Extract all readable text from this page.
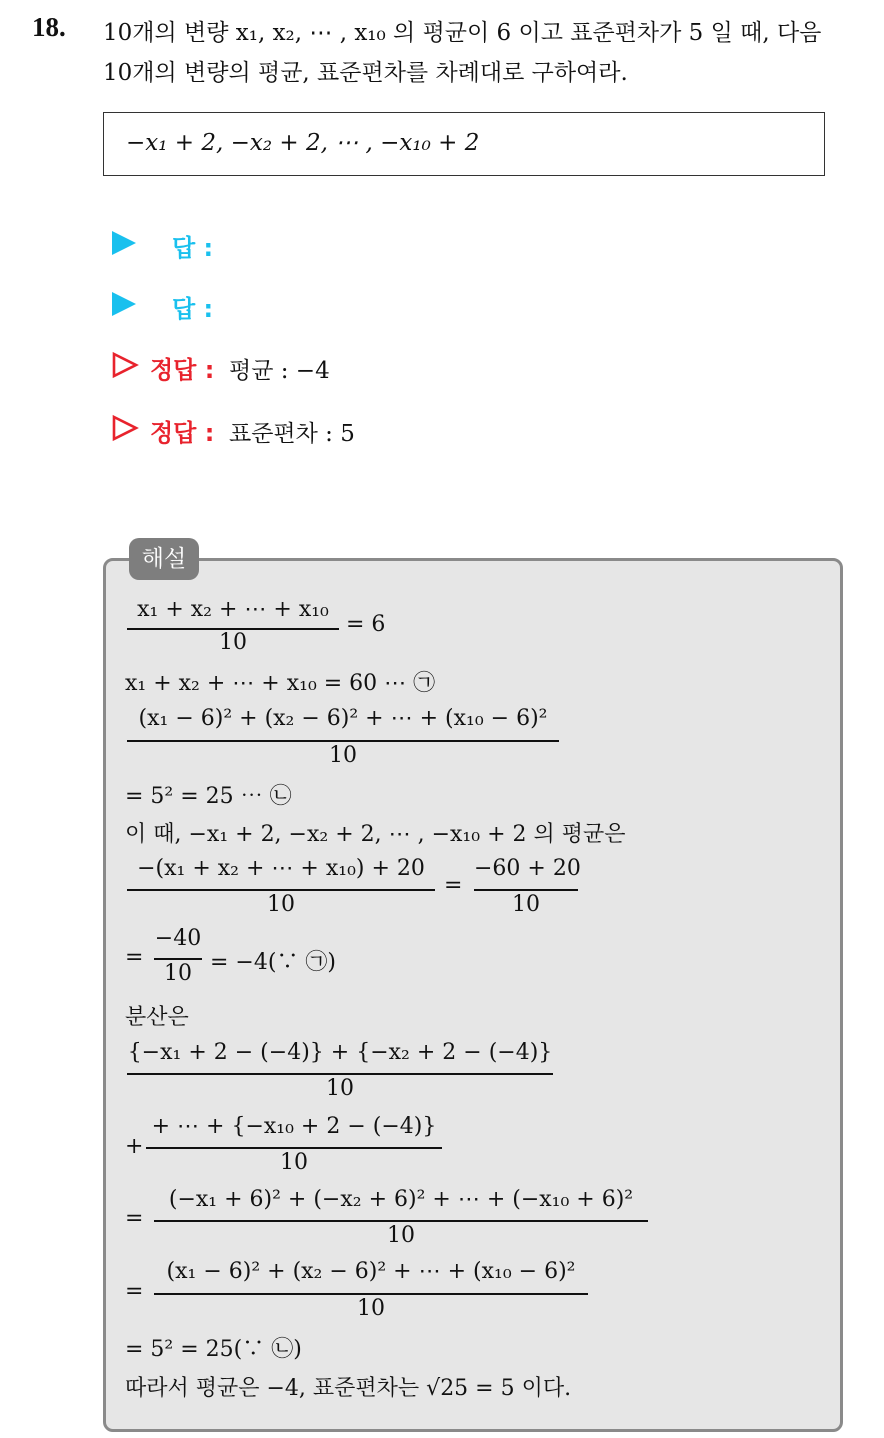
18. 10개의 변량 x₁, x₂, ⋯ , x₁₀ 의 평균이 6 이고 표준편차가 5 일 때, 다음
10개의 변량의 평균, 표준편차를 차례대로 구하여라.
−x₁ + 2, −x₂ + 2, ⋯ , −x₁₀ + 2
답 :
답 :
정답 : 평균 : −4
정답 : 표준편차 : 5
해설
x₁ + x₂ + ⋯ + x₁₀
10
= 6
x₁ + x₂ + ⋯ + x₁₀ = 60 ⋯ ㉠
(x₁ − 6)² + (x₂ − 6)² + ⋯ + (x₁₀ − 6)²
10
= 5² = 25 ⋯ ㉡
이 때, −x₁ + 2, −x₂ + 2, ⋯ , −x₁₀ + 2 의 평균은
−(x₁ + x₂ + ⋯ + x₁₀) + 20
10
=
−60 + 20
10
=
−40
10 = −4(∵ ㉠)
분산은
{−x₁ + 2 − (−4)} + {−x₂ + 2 − (−4)}
10
+
+ ⋯ + {−x₁₀ + 2 − (−4)}
10
=
(−x₁ + 6)² + (−x₂ + 6)² + ⋯ + (−x₁₀ + 6)²
10
=
(x₁ − 6)² + (x₂ − 6)² + ⋯ + (x₁₀ − 6)²
10
= 5² = 25(∵ ㉡)
따라서 평균은 −4, 표준편차는 √25 = 5 이다.
